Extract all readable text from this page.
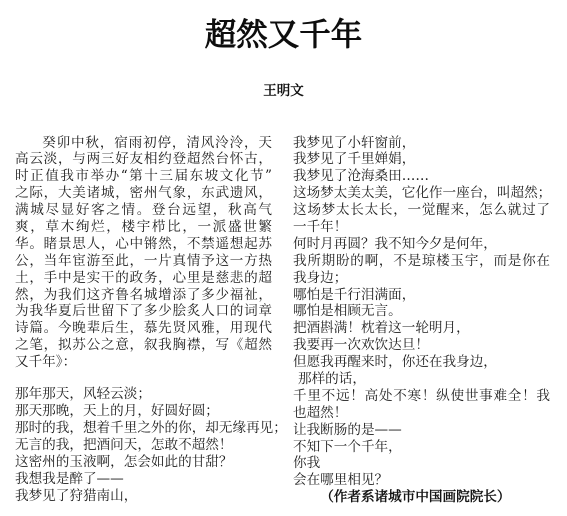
超然又千年
王明文
癸卯中秋，宿雨初停，清风泠泠，天
高云淡，与两三好友相约登超然台怀古，
时正值我市举办“第十三届东坡文化节”
之际，大美诸城，密州气象，东武遗风，
满城尽显好客之情。登台远望，秋高气
爽，草木绚烂，楼宇栉比，一派盛世繁
华。睹景思人，心中锵然，不禁遥想起苏
公，当年宦游至此，一片真情予这一方热
土，手中是实干的政务，心里是慈悲的超
然，为我们这齐鲁名城增添了多少福祉，
为我华夏后世留下了多少脍炙人口的词章
诗篇。今晚辈后生，慕先贤风雅，用现代
之笔，拟苏公之意，叙我胸襟，写《超然
又千年》：
那年那天，风轻云淡；
那天那晚，天上的月，好圆好圆；
那时的我，想着千里之外的你，却无缘再见；
无言的我，把酒问天，怎敢不超然！
这密州的玉液啊，怎会如此的甘甜？
我想我是醉了——
我梦见了狩猎南山，
我梦见了小轩窗前，
我梦见了千里婵娟，
我梦见了沧海桑田……
这场梦太美太美，它化作一座台，叫超然；
这场梦太长太长，一觉醒来，怎么就过了
一千年！
何时月再圆？我不知今夕是何年，
我所期盼的啊，不是琼楼玉宇，而是你在
我身边；
哪怕是千行泪满面，
哪怕是相顾无言。
把酒斟满！枕着这一轮明月，
我要再一次欢饮达旦！
但愿我再醒来时，你还在我身边，
那样的话，
千里不远！高处不寒！纵使世事难全！我
也超然！
让我断肠的是——
不知下一个千年，
你我
会在哪里相见？
（作者系诸城市中国画院院长）
